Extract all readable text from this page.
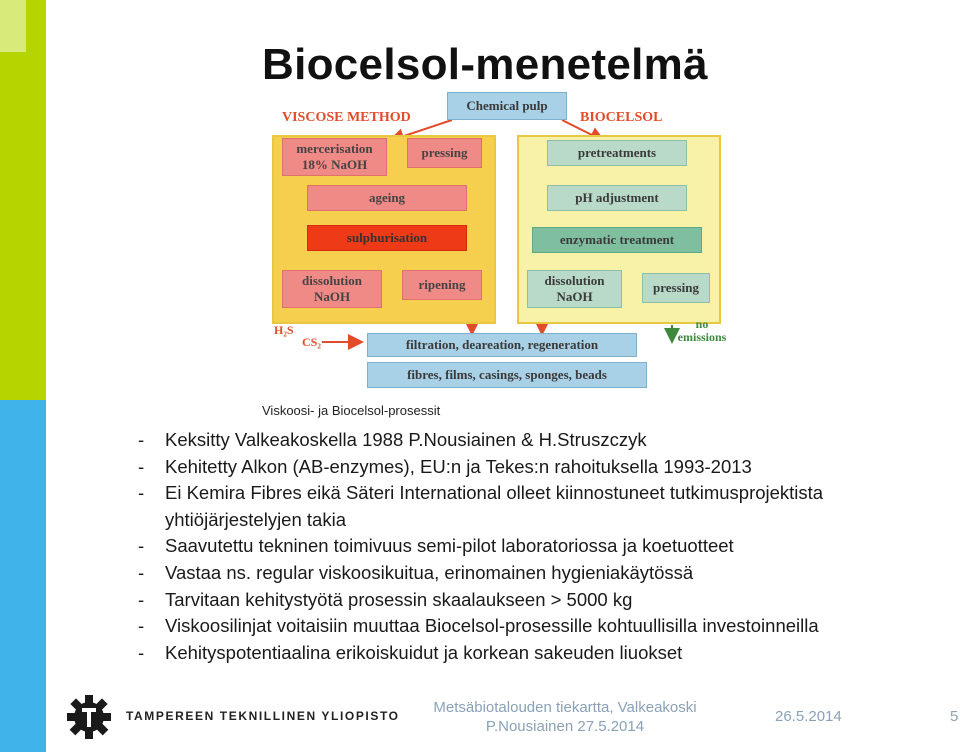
Biocelsol-menetelmä
Chemical pulp
VISCOSE METHOD	BIOCELSOL
mercerisation
18% NaOH
pressing
ageing
sulphurisation
dissolution
NaOH
ripening
pretreatments
pH adjustment
enzymatic treatment
dissolution
NaOH
pressing
H₂S
CS₂
no
emissions
filtration, deareation, regeneration
fibres, films, casings, sponges, beads
Viskoosi- ja Biocelsol-prosessit
- Keksitty Valkeakoskella 1988 P.Nousiainen & H.Struszczyk
- Kehitetty Alkon (AB-enzymes), EU:n ja Tekes:n rahoituksella 1993-2013
- Ei Kemira Fibres eikä Säteri International olleet kiinnostuneet tutkimusprojektista yhtiöjärjestelyjen takia
- Saavutettu tekninen toimivuus semi-pilot laboratoriossa ja koetuotteet
- Vastaa ns. regular viskoosikuitua, erinomainen hygieniakäytössä
- Tarvitaan kehitystyötä prosessin skaalaukseen > 5000 kg
- Viskoosilinjat voitaisiin muuttaa Biocelsol-prosessille kohtuullisilla investoinneilla
- Kehityspotentiaalina erikoiskuidut ja korkean sakeuden liuokset
TAMPEREEN TEKNILLINEN YLIOPISTO	Metsäbiotalouden tiekartta, Valkeakoski
P.Nousiainen 27.5.2014
26.5.2014	5
